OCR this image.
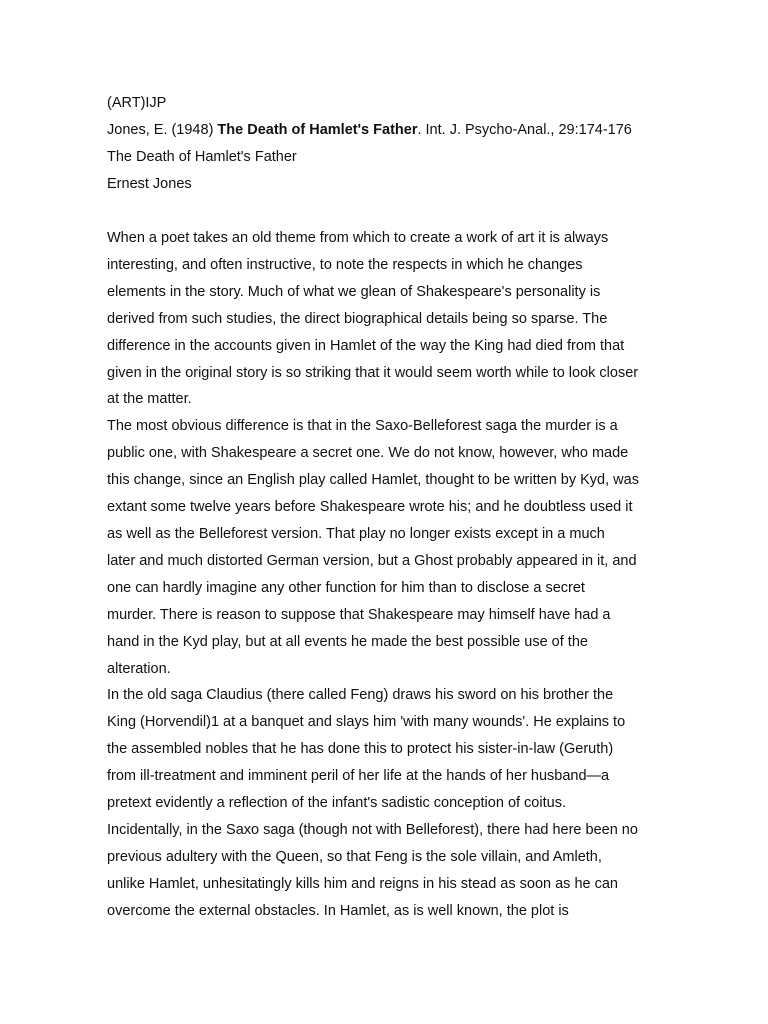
(ART)IJP
Jones, E. (1948) The Death of Hamlet's Father. Int. J. Psycho-Anal., 29:174-176
The Death of Hamlet's Father
Ernest Jones
When a poet takes an old theme from which to create a work of art it is always
interesting, and often instructive, to note the respects in which he changes
elements in the story. Much of what we glean of Shakespeare's personality is
derived from such studies, the direct biographical details being so sparse. The
difference in the accounts given in Hamlet of the way the King had died from that
given in the original story is so striking that it would seem worth while to look closer
at the matter.
The most obvious difference is that in the Saxo-Belleforest saga the murder is a
public one, with Shakespeare a secret one. We do not know, however, who made
this change, since an English play called Hamlet, thought to be written by Kyd, was
extant some twelve years before Shakespeare wrote his; and he doubtless used it
as well as the Belleforest version. That play no longer exists except in a much
later and much distorted German version, but a Ghost probably appeared in it, and
one can hardly imagine any other function for him than to disclose a secret
murder. There is reason to suppose that Shakespeare may himself have had a
hand in the Kyd play, but at all events he made the best possible use of the
alteration.
In the old saga Claudius (there called Feng) draws his sword on his brother the
King (Horvendil)1 at a banquet and slays him 'with many wounds'. He explains to
the assembled nobles that he has done this to protect his sister-in-law (Geruth)
from ill-treatment and imminent peril of her life at the hands of her husband—a
pretext evidently a reflection of the infant's sadistic conception of coitus.
Incidentally, in the Saxo saga (though not with Belleforest), there had here been no
previous adultery with the Queen, so that Feng is the sole villain, and Amleth,
unlike Hamlet, unhesitatingly kills him and reigns in his stead as soon as he can
overcome the external obstacles. In Hamlet, as is well known, the plot is
